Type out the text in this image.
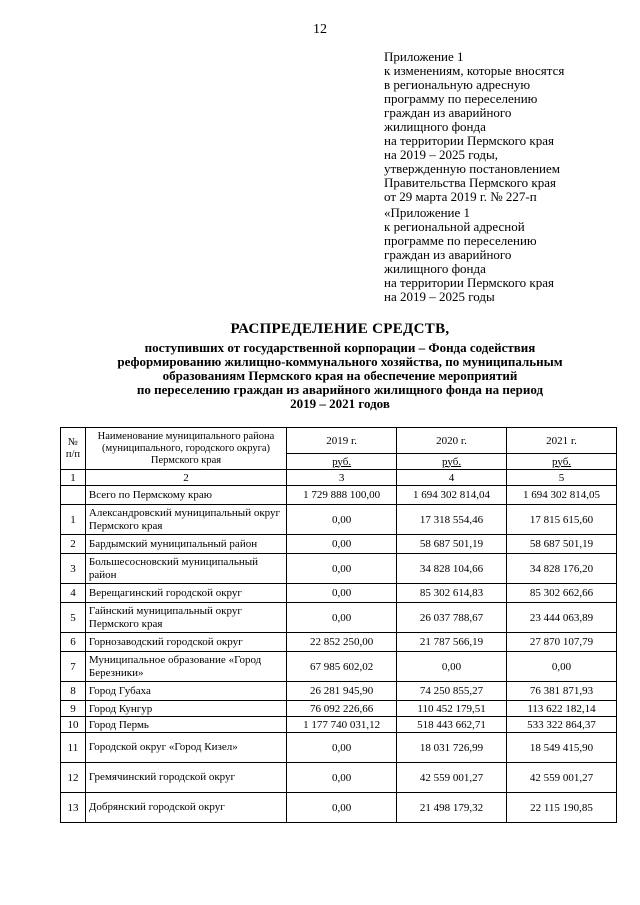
12
Приложение 1
к изменениям, которые вносятся
в региональную адресную
программу по переселению
граждан из аварийного
жилищного фонда
на территории Пермского края
на 2019 – 2025 годы,
утвержденную постановлением
Правительства Пермского края
от 29 марта 2019 г. № 227-п
«Приложение 1
к региональной адресной
программе по переселению
граждан из аварийного
жилищного фонда
на территории Пермского края
на 2019 – 2025 годы
РАСПРЕДЕЛЕНИЕ СРЕДСТВ,
поступивших от государственной корпорации – Фонда содействия
реформированию жилищно-коммунального хозяйства, по муниципальным
образованиям Пермского края на обеспечение мероприятий
по переселению граждан из аварийного жилищного фонда на период
2019 – 2021 годов
№ п/п	Наименование муниципального района (муниципального, городского округа) Пермского края	2019 г.	2020 г.	2021 г.
		руб.	руб.	руб.
1	2	3	4	5
	Всего по Пермскому краю	1 729 888 100,00	1 694 302 814,04	1 694 302 814,05
1	Александровский муниципальный округ Пермского края	0,00	17 318 554,46	17 815 615,60
2	Бардымский муниципальный район	0,00	58 687 501,19	58 687 501,19
3	Большесосновский муниципальный район	0,00	34 828 104,66	34 828 176,20
4	Верещагинский городской округ	0,00	85 302 614,83	85 302 662,66
5	Гайнский муниципальный округ Пермского края	0,00	26 037 788,67	23 444 063,89
6	Горнозаводский городской округ	22 852 250,00	21 787 566,19	27 870 107,79
7	Муниципальное образование «Город Березники»	67 985 602,02	0,00	0,00
8	Город Губаха	26 281 945,90	74 250 855,27	76 381 871,93
9	Город Кунгур	76 092 226,66	110 452 179,51	113 622 182,14
10	Город Пермь	1 177 740 031,12	518 443 662,71	533 322 864,37
11	Городской округ «Город Кизел»	0,00	18 031 726,99	18 549 415,90
12	Гремячинский городской округ	0,00	42 559 001,27	42 559 001,27
13	Добрянский городской округ	0,00	21 498 179,32	22 115 190,85
